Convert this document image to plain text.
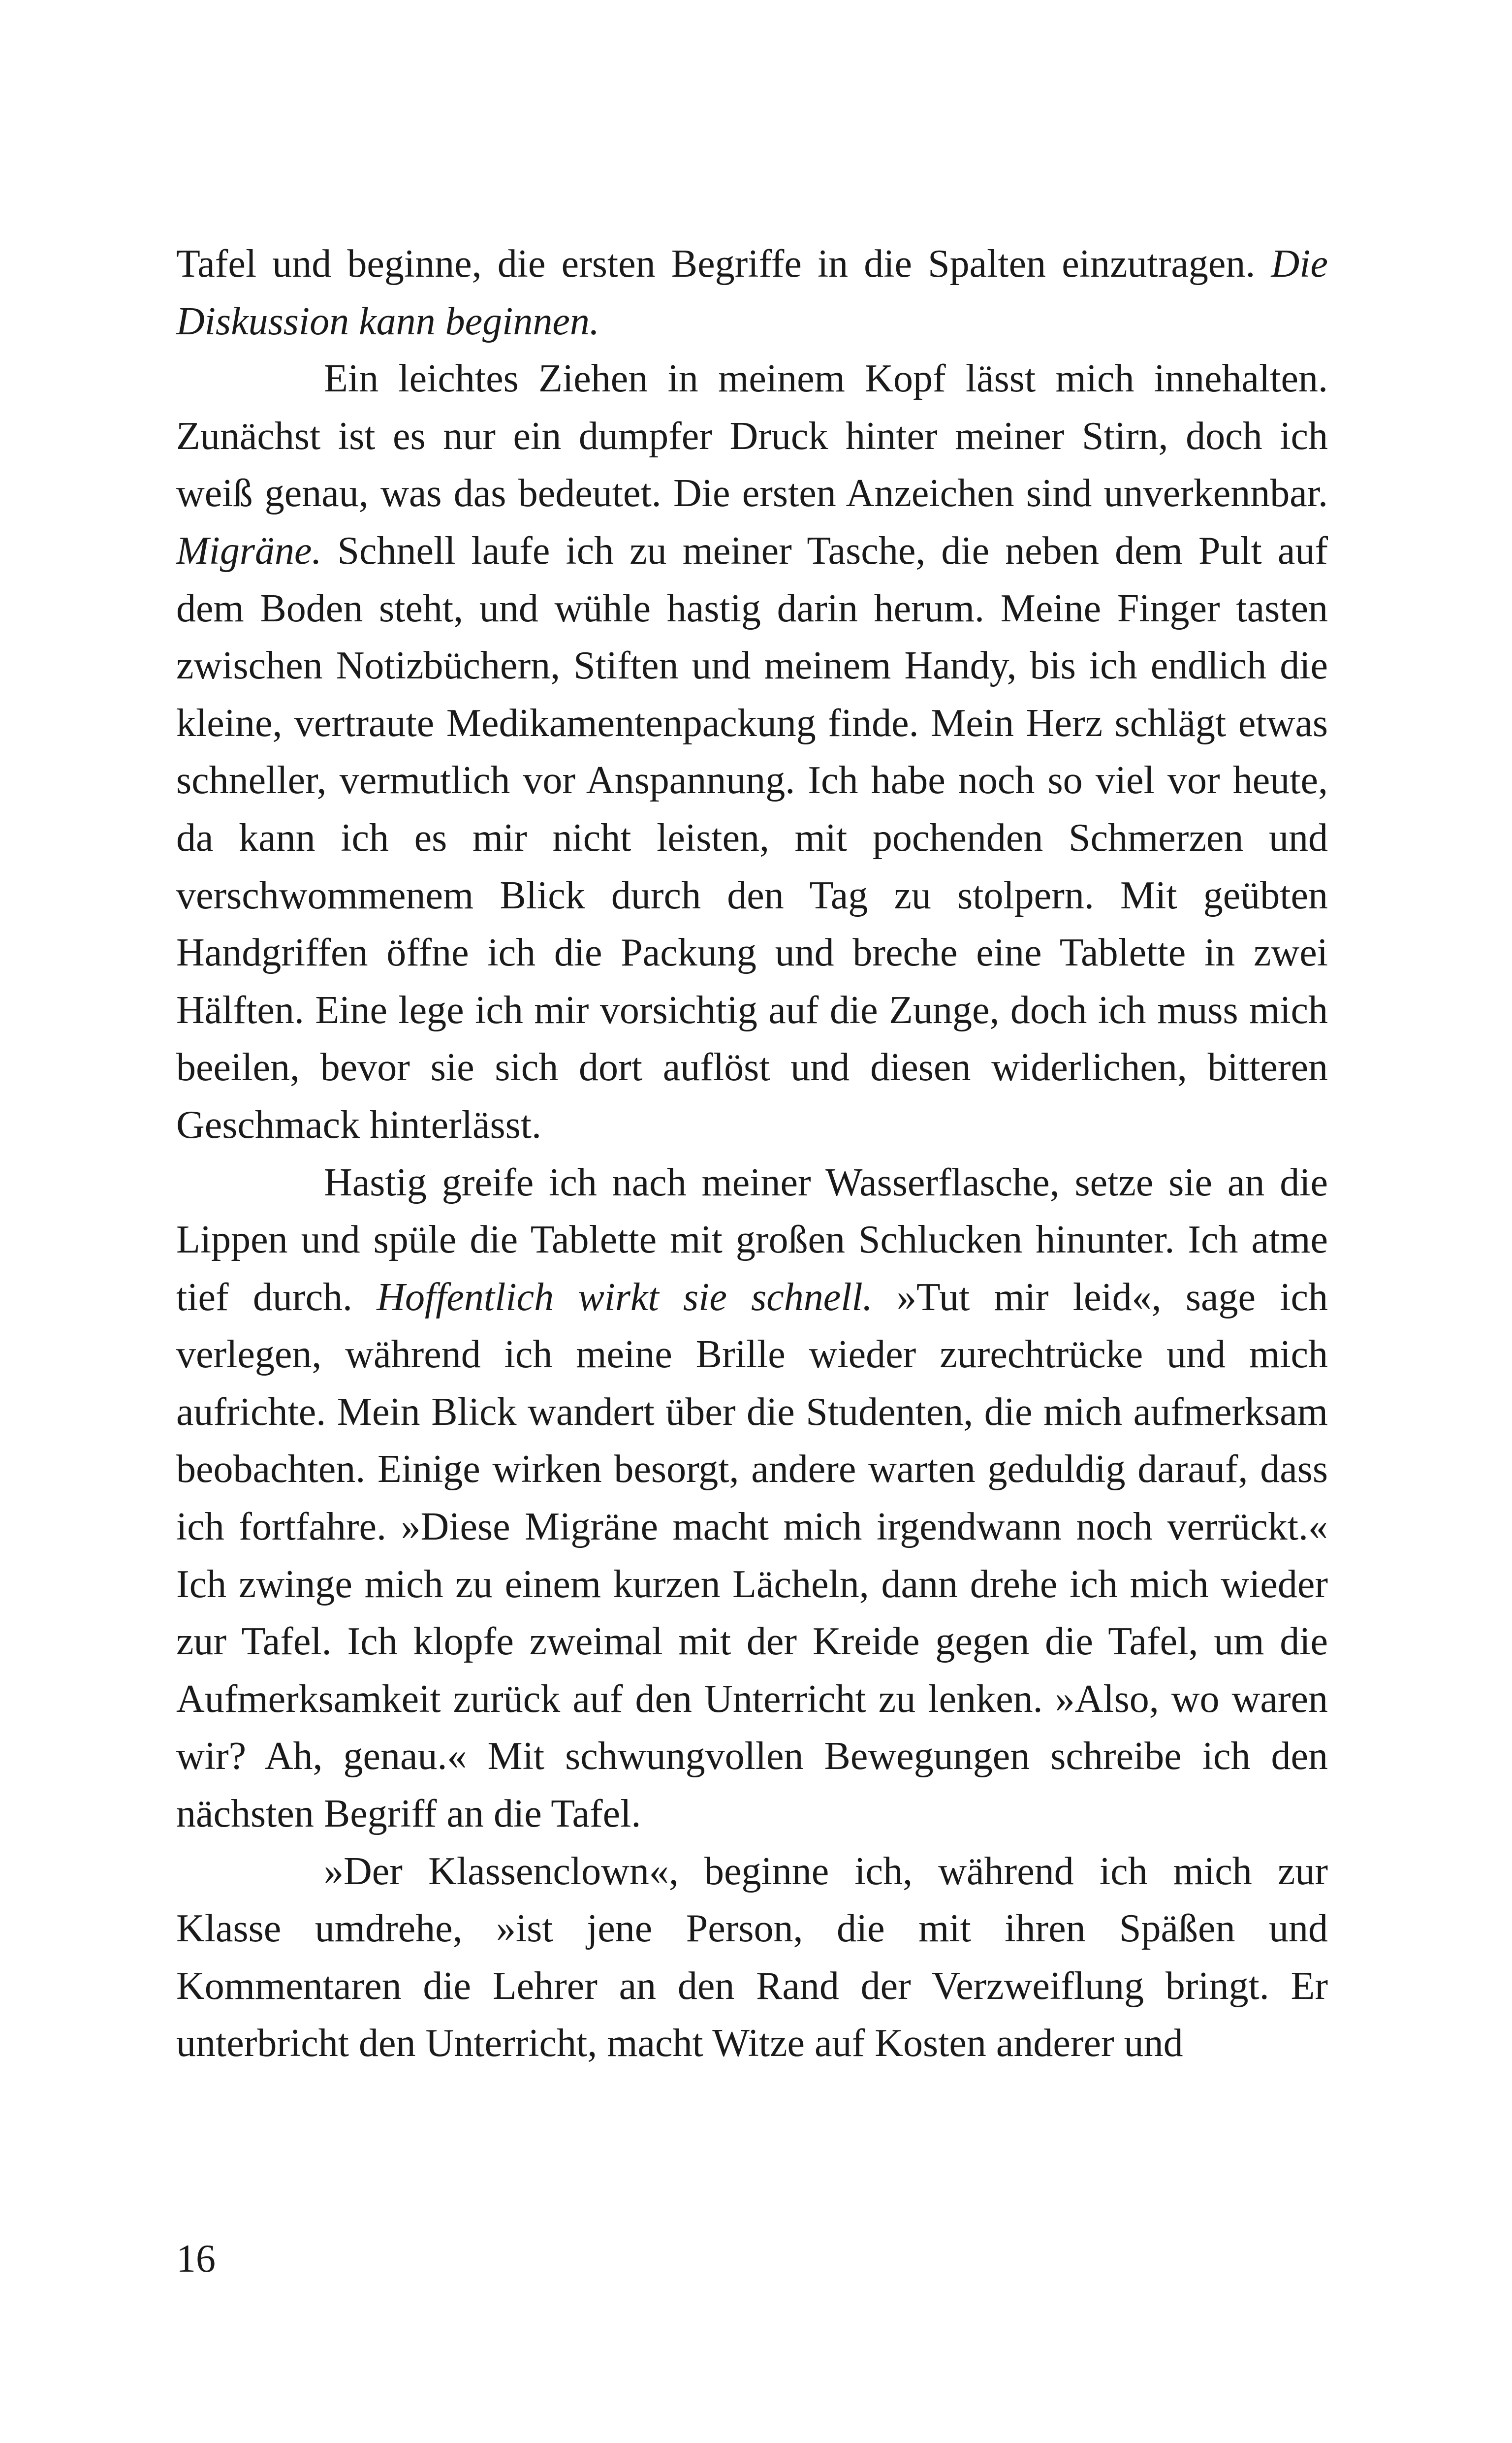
Tafel und beginne, die ersten Begriffe in die Spalten einzutragen. Die Diskussion kann beginnen.

Ein leichtes Ziehen in meinem Kopf lässt mich innehalten. Zunächst ist es nur ein dumpfer Druck hinter meiner Stirn, doch ich weiß genau, was das bedeutet. Die ersten Anzeichen sind unverkennbar. Migräne. Schnell laufe ich zu meiner Tasche, die neben dem Pult auf dem Boden steht, und wühle hastig darin herum. Meine Finger tasten zwischen Notizbüchern, Stiften und meinem Handy, bis ich endlich die kleine, vertraute Medikamentenpackung finde. Mein Herz schlägt etwas schneller, vermutlich vor Anspannung. Ich habe noch so viel vor heute, da kann ich es mir nicht leisten, mit pochenden Schmerzen und verschwommenem Blick durch den Tag zu stolpern. Mit geübten Handgriffen öffne ich die Packung und breche eine Tablette in zwei Hälften. Eine lege ich mir vorsichtig auf die Zunge, doch ich muss mich beeilen, bevor sie sich dort auflöst und diesen widerlichen, bitteren Geschmack hinterlässt.

Hastig greife ich nach meiner Wasserflasche, setze sie an die Lippen und spüle die Tablette mit großen Schlucken hinunter. Ich atme tief durch. Hoffentlich wirkt sie schnell. »Tut mir leid«, sage ich verlegen, während ich meine Brille wieder zurechtrücke und mich aufrichte. Mein Blick wandert über die Studenten, die mich aufmerksam beobachten. Einige wirken besorgt, andere warten geduldig darauf, dass ich fortfahre. »Diese Migräne macht mich irgendwann noch verrückt.« Ich zwinge mich zu einem kurzen Lächeln, dann drehe ich mich wieder zur Tafel. Ich klopfe zweimal mit der Kreide gegen die Tafel, um die Aufmerksamkeit zurück auf den Unterricht zu lenken. »Also, wo waren wir? Ah, genau.« Mit schwungvollen Bewegungen schreibe ich den nächsten Begriff an die Tafel.

»Der Klassenclown«, beginne ich, während ich mich zur Klasse umdrehe, »ist jene Person, die mit ihren Späßen und Kommentaren die Lehrer an den Rand der Verzweiflung bringt. Er unterbricht den Unterricht, macht Witze auf Kosten anderer und

16
